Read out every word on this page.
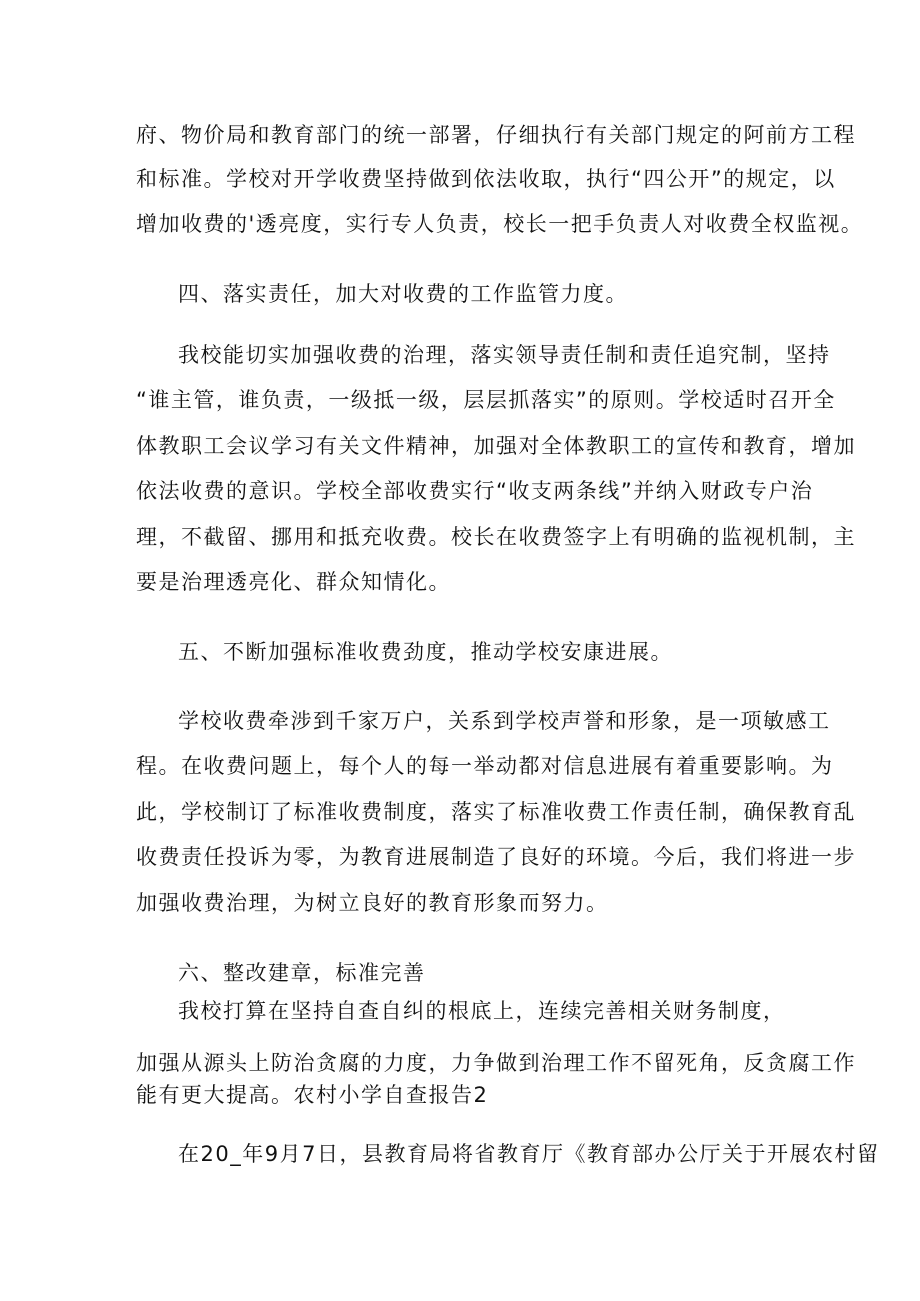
府、物价局和教育部门的统一部署，仔细执行有关部门规定的阿前方工程
和标准。学校对开学收费坚持做到依法收取，执行“四公开”的规定，以
增加收费的'透亮度，实行专人负责，校长一把手负责人对收费全权监视。
四、落实责任，加大对收费的工作监管力度。
我校能切实加强收费的治理，落实领导责任制和责任追究制，坚持
“谁主管，谁负责，一级抵一级，层层抓落实”的原则。学校适时召开全
体教职工会议学习有关文件精神，加强对全体教职工的宣传和教育，增加
依法收费的意识。学校全部收费实行“收支两条线”并纳入财政专户治
理，不截留、挪用和抵充收费。校长在收费签字上有明确的监视机制，主
要是治理透亮化、群众知情化。
五、不断加强标准收费劲度，推动学校安康进展。
学校收费牵涉到千家万户，关系到学校声誉和形象，是一项敏感工
程。在收费问题上，每个人的每一举动都对信息进展有着重要影响。为
此，学校制订了标准收费制度，落实了标准收费工作责任制，确保教育乱
收费责任投诉为零，为教育进展制造了良好的环境。今后，我们将进一步
加强收费治理，为树立良好的教育形象而努力。
六、整改建章，标准完善
我校打算在坚持自查自纠的根底上，连续完善相关财务制度，
加强从源头上防治贪腐的力度，力争做到治理工作不留死角，反贪腐工作
能有更大提高。农村小学自查报告2
在20_年9月7日，县教育局将省教育厅《教育部办公厅关于开展农村留
